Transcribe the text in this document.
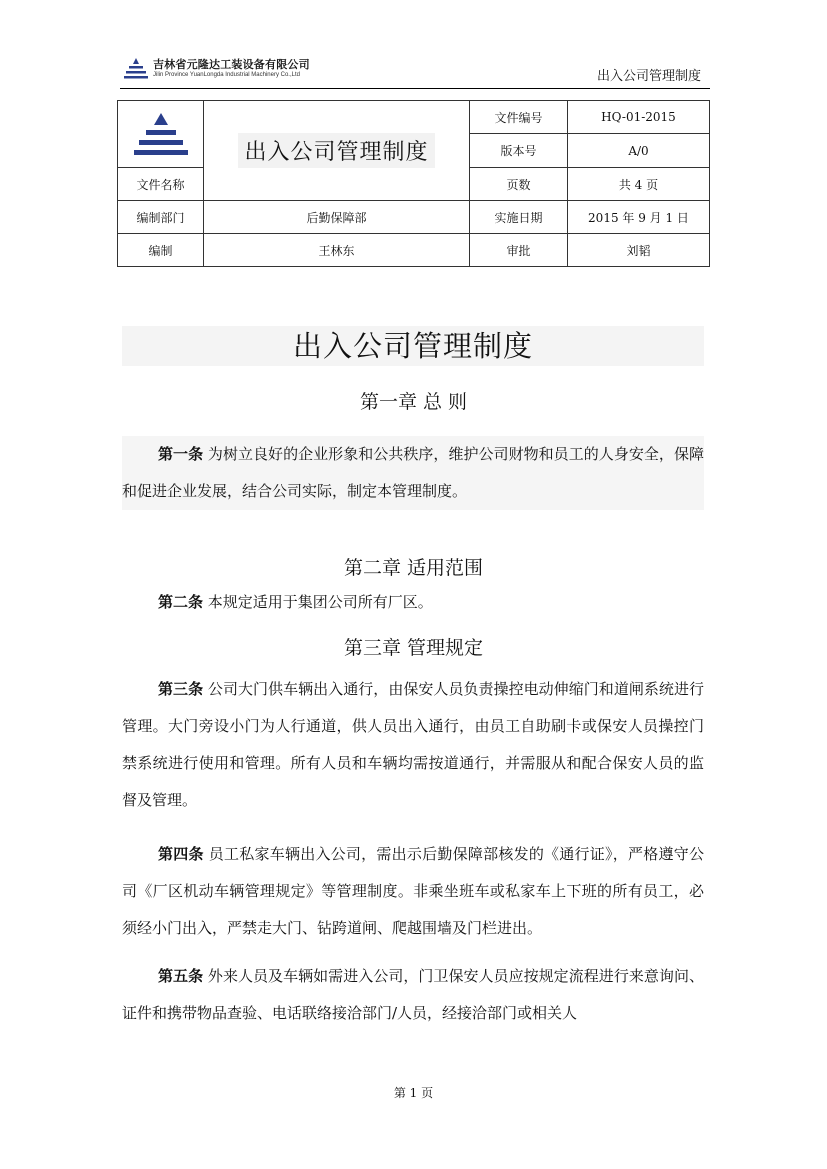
吉林省元隆达工装设备有限公司
Jilin Province YuanLongda Industrial Machinery Co.,Ltd	出入公司管理制度
	出入公司管理制度	文件编号	HQ-01-2015
		版本号	A/0
文件名称		页数	共 4 页
编制部门	后勤保障部	实施日期	2015 年 9 月 1 日
编制	王林东	审批	刘韬
出入公司管理制度
第一章 总 则
第一条 为树立良好的企业形象和公共秩序，维护公司财物和员工的人身安全，保障和促进企业发展，结合公司实际，制定本管理制度。
第二章 适用范围
第二条 本规定适用于集团公司所有厂区。
第三章 管理规定
第三条 公司大门供车辆出入通行，由保安人员负责操控电动伸缩门和道闸系统进行管理。大门旁设小门为人行通道，供人员出入通行，由员工自助刷卡或保安人员操控门禁系统进行使用和管理。所有人员和车辆均需按道通行，并需服从和配合保安人员的监督及管理。
第四条 员工私家车辆出入公司，需出示后勤保障部核发的《通行证》，严格遵守公司《厂区机动车辆管理规定》等管理制度。非乘坐班车或私家车上下班的所有员工，必须经小门出入，严禁走大门、钻跨道闸、爬越围墙及门栏进出。
第五条 外来人员及车辆如需进入公司，门卫保安人员应按规定流程进行来意询问、证件和携带物品查验、电话联络接洽部门/人员，经接洽部门或相关人
第 1 页
